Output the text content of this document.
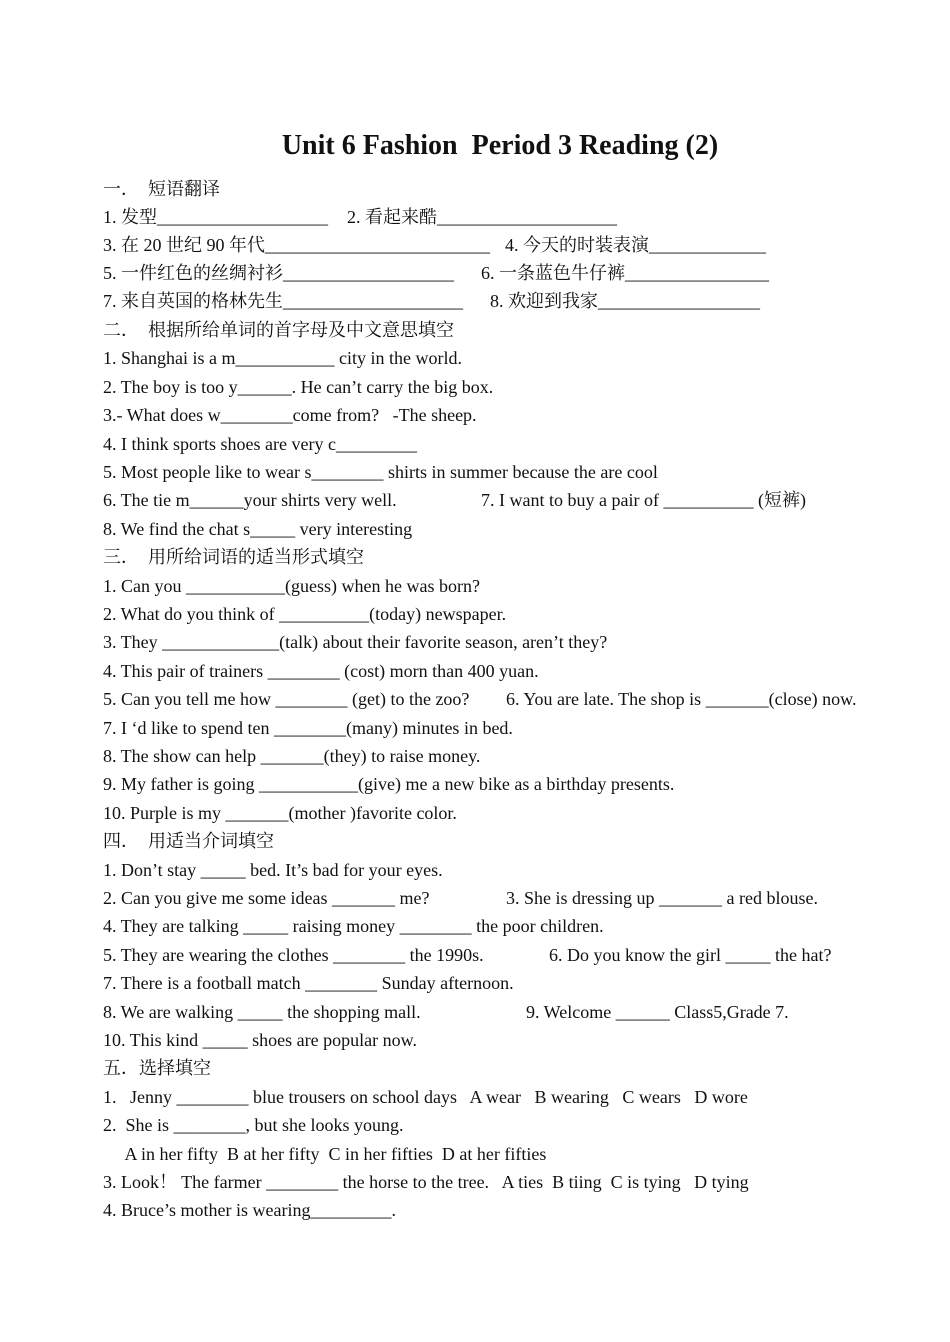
Unit 6 Fashion  Period 3 Reading (2)
一．  短语翻译

1. 发型___________________

2. 看起来酷____________________

3. 在 20 世纪 90 年代_________________________

4. 今天的时装表演_____________

5. 一件红色的丝绸衬衫___________________

6. 一条蓝色牛仔裤________________

7. 来自英国的格林先生____________________

8. 欢迎到我家__________________

二．  根据所给单词的首字母及中文意思填空
1. Shanghai is a m___________ city in the world.
2. The boy is too y______. He can’t carry the big box.
3.- What does w________come from?   -The sheep.
4. I think sports shoes are very c_________
5. Most people like to wear s________ shirts in summer because the are cool

6. The tie m______your shirts very well.

	7. I want to buy a pair of __________ (短裤)

8. We find the chat s_____ very interesting
三．  用所给词语的适当形式填空
1. Can you ___________(guess) when he was born?
2. What do you think of __________(today) newspaper.
3. They _____________(talk) about their favorite season, aren’t they?
4. This pair of trainers ________ (cost) morn than 400 yuan.

5. Can you tell me how ________ (get) to the zoo?

6. You are late. The shop is _______(close) now.

7. I ‘d like to spend ten ________(many) minutes in bed.
8. The show can help _______(they) to raise money.
9. My father is going ___________(give) me a new bike as a birthday presents.
10. Purple is my _______(mother )favorite color.
四．  用适当介词填空
1. Don’t stay _____ bed. It’s bad for your eyes.

2. Can you give me some ideas _______ me?

	3. She is dressing up _______ a red blouse.

4. They are talking _____ raising money ________ the poor children.

5. They are wearing the clothes ________ the 1990s.

	6. Do you know the girl _____ the hat?

7. There is a football match ________ Sunday afternoon.

8. We are walking _____ the shopping mall.

	9. Welcome ______ Class5,Grade 7.

10. This kind _____ shoes are popular now.
五．选择填空
1.   Jenny ________ blue trousers on school days   A wear   B wearing   C wears   D wore
2.  She is ________, but she looks young.
A in her fifty  B at her fifty  C in her fifties  D at her fifties
3. Look！ The farmer ________ the horse to the tree.   A ties  B tiing  C is tying   D tying
4. Bruce’s mother is wearing_________.
